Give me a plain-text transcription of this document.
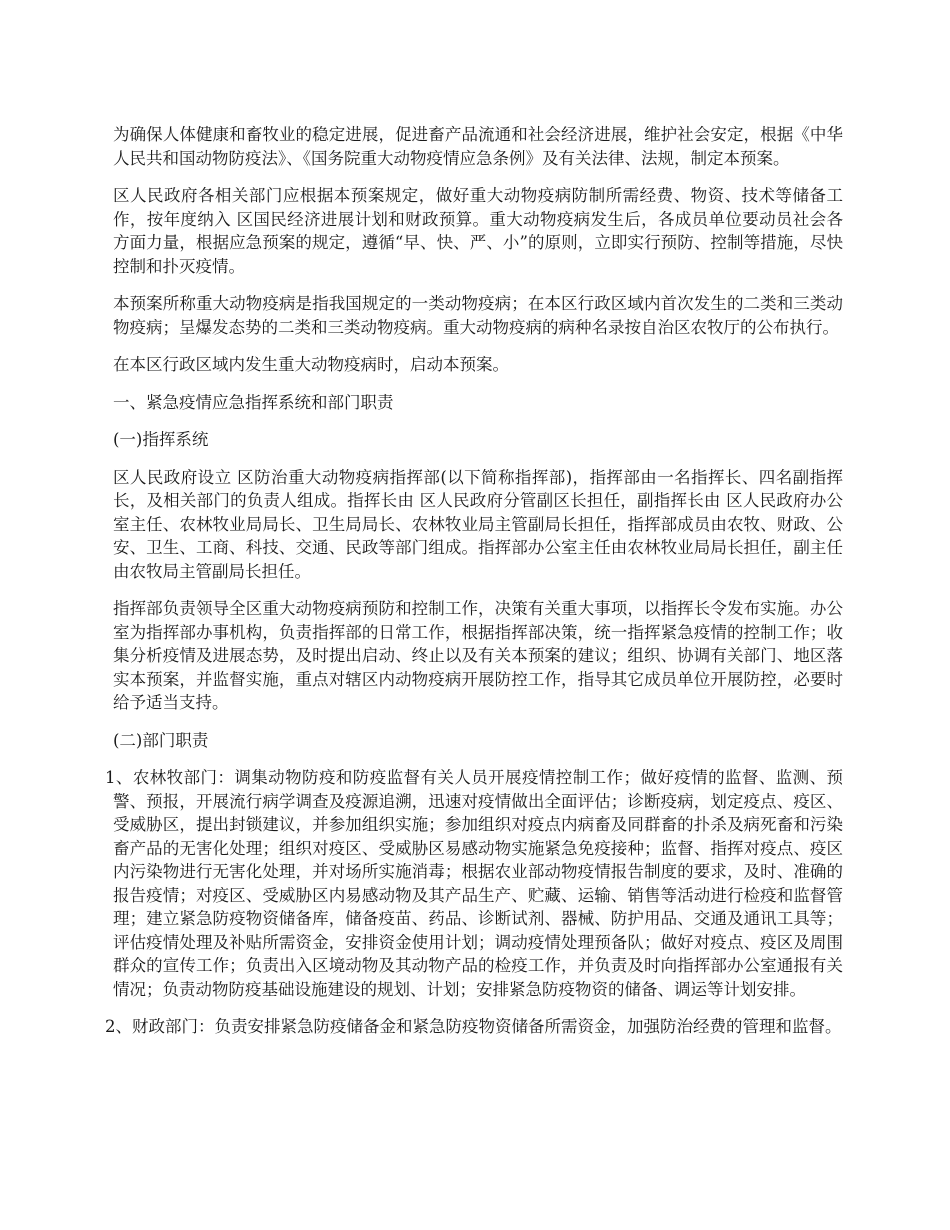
为确保人体健康和畜牧业的稳定进展，促进畜产品流通和社会经济进展，维护社会安定，根据《中华人民共和国动物防疫法》、《国务院重大动物疫情应急条例》及有关法律、法规，制定本预案。

区人民政府各相关部门应根据本预案规定，做好重大动物疫病防制所需经费、物资、技术等储备工作，按年度纳入 区国民经济进展计划和财政预算。重大动物疫病发生后，各成员单位要动员社会各方面力量，根据应急预案的规定，遵循“早、快、严、小”的原则，立即实行预防、控制等措施，尽快控制和扑灭疫情。

本预案所称重大动物疫病是指我国规定的一类动物疫病；在本区行政区域内首次发生的二类和三类动物疫病；呈爆发态势的二类和三类动物疫病。重大动物疫病的病种名录按自治区农牧厅的公布执行。

在本区行政区域内发生重大动物疫病时，启动本预案。

一、紧急疫情应急指挥系统和部门职责

(一)指挥系统

区人民政府设立 区防治重大动物疫病指挥部(以下简称指挥部)，指挥部由一名指挥长、四名副指挥长，及相关部门的负责人组成。指挥长由 区人民政府分管副区长担任，副指挥长由 区人民政府办公室主任、农林牧业局局长、卫生局局长、农林牧业局主管副局长担任，指挥部成员由农牧、财政、公安、卫生、工商、科技、交通、民政等部门组成。指挥部办公室主任由农林牧业局局长担任，副主任由农牧局主管副局长担任。

指挥部负责领导全区重大动物疫病预防和控制工作，决策有关重大事项，以指挥长令发布实施。办公室为指挥部办事机构，负责指挥部的日常工作，根据指挥部决策，统一指挥紧急疫情的控制工作；收集分析疫情及进展态势，及时提出启动、终止以及有关本预案的建议；组织、协调有关部门、地区落实本预案，并监督实施，重点对辖区内动物疫病开展防控工作，指导其它成员单位开展防控，必要时给予适当支持。

(二)部门职责

1、农林牧部门：调集动物防疫和防疫监督有关人员开展疫情控制工作；做好疫情的监督、监测、预警、预报，开展流行病学调查及疫源追溯，迅速对疫情做出全面评估；诊断疫病，划定疫点、疫区、受威胁区，提出封锁建议，并参加组织实施；参加组织对疫点内病畜及同群畜的扑杀及病死畜和污染畜产品的无害化处理；组织对疫区、受威胁区易感动物实施紧急免疫接种；监督、指挥对疫点、疫区内污染物进行无害化处理，并对场所实施消毒；根据农业部动物疫情报告制度的要求，及时、准确的报告疫情；对疫区、受威胁区内易感动物及其产品生产、贮藏、运输、销售等活动进行检疫和监督管理；建立紧急防疫物资储备库，储备疫苗、药品、诊断试剂、器械、防护用品、交通及通讯工具等；评估疫情处理及补贴所需资金，安排资金使用计划；调动疫情处理预备队；做好对疫点、疫区及周围群众的宣传工作；负责出入区境动物及其动物产品的检疫工作，并负责及时向指挥部办公室通报有关情况；负责动物防疫基础设施建设的规划、计划；安排紧急防疫物资的储备、调运等计划安排。

2、财政部门：负责安排紧急防疫储备金和紧急防疫物资储备所需资金，加强防治经费的管理和监督。
